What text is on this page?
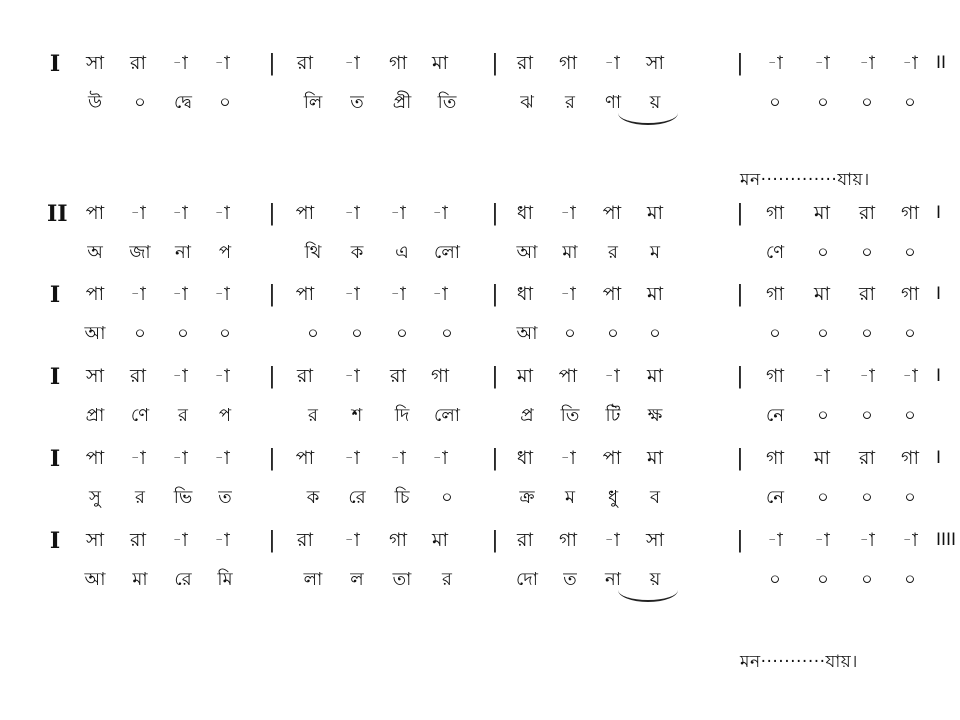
I	সা	রা	-া	-া	|	রা	-া	গা	মা	| রা	গা	-া	সা	|	-া	-া	-া	-া	II
উ	০	দ্বে	০	লি	ত	প্রী	তি	ঝ	র	ণা	য়	০	০	০	০
মন·············যায়।
II পা	-া	-া	-া	|	পা	-া	-া	-া	| ধা	-া	পা	মা	|	গা	মা	রা	গা	I
অ	জা	না	প	থি	ক	এ	লো	আ	মা	র	ম	ণে	০	০	০
I	পা	-া	-া	-া	|	পা	-া	-া	-া	| ধা	-া	পা	মা	|	গা	মা	রা	গা	I
আ	০	০	০	০	০	০	০	আ	০	০	০	০	০	০	০
I	সা	রা	-া	-া	|	রা	-া	রা	গা	| মা	পা	-া	মা	|	গা	-া	-া	-া	I
প্রা	ণে	র	প	র	শ	দি	লো	প্র	তি	টি	ক্ষ	নে	০	০	০
I	পা	-া	-া	-া	|	পা	-া	-া	-া	| ধা	-া	পা	মা	|	গা	মা	রা	গা	I
সু	র	ভি	ত	ক	রে	চি	০	ক্র	ম	ধু	ব	নে	০	০	০
I	সা	রা	-া	-া	|	রা	-া	গা	মা	| রা	গা	-া	সা	|	-া	-া	-া	-া	IIII
আ	মা	রে	মি	লা	ল	তা	র	দো	ত	না	য়	০	০	০	০
মন···········যায়।
